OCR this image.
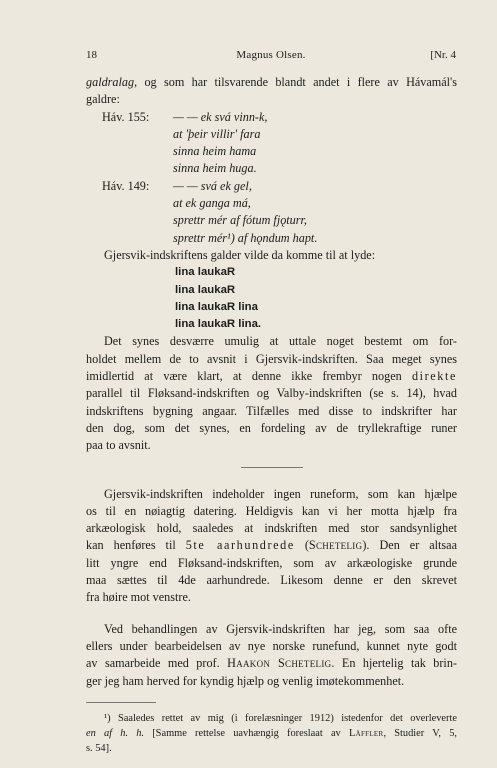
18	Magnus Olsen.	[Nr. 4
galdralag, og som har tilsvarende blandt andet i flere av Hávamál's
galdre:
Háv. 155:	— — ek svá vinn-k,
at 'þeir villir' fara
sinna heim hama
sinna heim huga.
Háv. 149:	— — svá ek gel,
at ek ganga má,
sprettr mér af fótum fjǫturr,
sprettr mér¹) af hǫndum hapt.
Gjersvik-indskriftens galder vilde da komme til at lyde:
lina laukaR
lina laukaR
lina laukaR lina
lina laukaR lina.
Det synes desværre umulig at uttale noget bestemt om for-
holdet mellem de to avsnit i Gjersvik-indskriften. Saa meget synes
imidlertid at være klart, at denne ikke frembyr nogen direkte
parallel til Fløksand-indskriften og Valby-indskriften (se s. 14), hvad
indskriftens bygning angaar. Tilfælles med disse to indskrifter har
den dog, som det synes, en fordeling av de tryllekraftige runer
paa to avsnit.
Gjersvik-indskriften indeholder ingen runeform, som kan hjælpe
os til en nøiagtig datering. Heldigvis kan vi her motta hjælp fra
arkæologisk hold, saaledes at indskriften med stor sandsynlighet
kan henføres til 5te aarhundrede (Schetelig). Den er altsaa
litt yngre end Fløksand-indskriften, som av arkæologiske grunde
maa sættes til 4de aarhundrede. Likesom denne er den skrevet
fra høire mot venstre.
Ved behandlingen av Gjersvik-indskriften har jeg, som saa ofte
ellers under bearbeidelsen av nye norske runefund, kunnet nyte godt
av samarbeide med prof. Haakon Schetelig. En hjertelig tak brin-
ger jeg ham herved for kyndig hjælp og venlig imøtekommenhet.
¹) Saaledes rettet av mig (i forelæsninger 1912) istedenfor det overleverte
en af h. h. [Samme rettelse uavhængig foreslaat av Läffler, Studier V, 5,
s. 54].
